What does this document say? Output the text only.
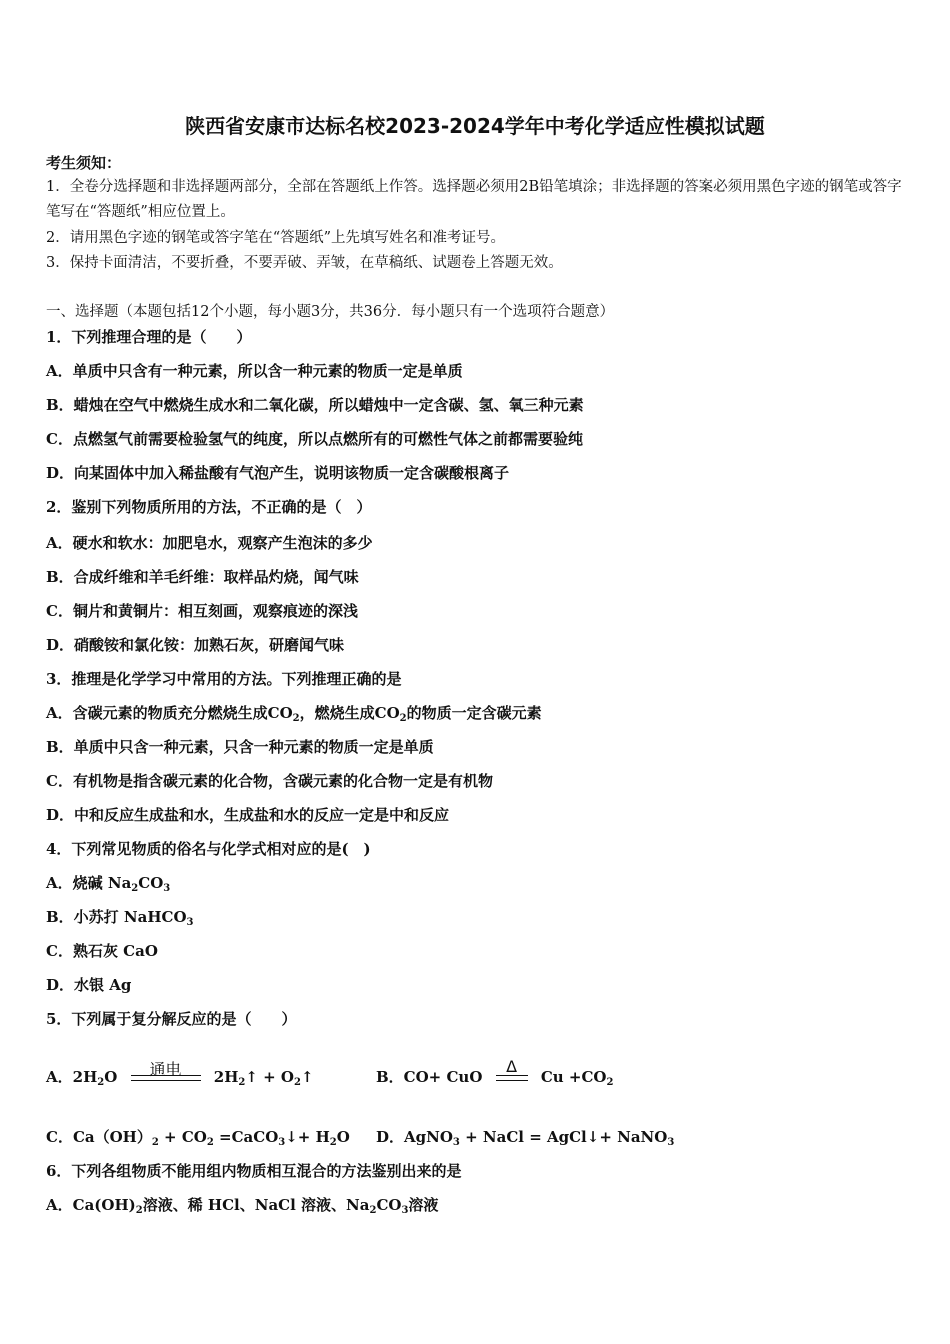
陕西省安康市达标名校2023-2024学年中考化学适应性模拟试题
考生须知：
1．全卷分选择题和非选择题两部分，全部在答题纸上作答。选择题必须用2B铅笔填涂；非选择题的答案必须用黑色字迹的钢笔或答字笔写在“答题纸”相应位置上。
2．请用黑色字迹的钢笔或答字笔在“答题纸”上先填写姓名和准考证号。
3．保持卡面清洁，不要折叠，不要弄破、弄皱，在草稿纸、试题卷上答题无效。
一、选择题（本题包括12个小题，每小题3分，共36分．每小题只有一个选项符合题意）
1．下列推理合理的是（　　）
A．单质中只含有一种元素，所以含一种元素的物质一定是单质
B．蜡烛在空气中燃烧生成水和二氧化碳，所以蜡烛中一定含碳、氢、氧三种元素
C．点燃氢气前需要检验氢气的纯度，所以点燃所有的可燃性气体之前都需要验纯
D．向某固体中加入稀盐酸有气泡产生，说明该物质一定含碳酸根离子
2．鉴别下列物质所用的方法，不正确的是（　）
A．硬水和软水：加肥皂水，观察产生泡沫的多少
B．合成纤维和羊毛纤维：取样品灼烧，闻气味
C．铜片和黄铜片：相互刻画，观察痕迹的深浅
D．硝酸铵和氯化铵：加熟石灰，研磨闻气味
3．推理是化学学习中常用的方法。下列推理正确的是
A．含碳元素的物质充分燃烧生成$CO_2$，燃烧生成$CO_2$的物质一定含碳元素
B．单质中只含一种元素，只含一种元素的物质一定是单质
C．有机物是指含碳元素的化合物，含碳元素的化合物一定是有机物
D．中和反应生成盐和水，生成盐和水的反应一定是中和反应
4．下列常见物质的俗名与化学式相对应的是(　)
A．烧碱 $Na_2CO_3$
B．小苏打 NaHCO$_3$
C．熟石灰 CaO
D．水银 Ag
5．下列属于复分解反应的是（　　）
A．$2H_2O$	通电	$2H_2↑$ + $O_2↑$	B．CO+ CuO
Δ
$Cu +CO_2$
C．$Ca(OH)_2 + CO_2$ =CaCO$_3$↓+ $H_2O$ D．AgNO$_3$ + NaCl = AgCl↓+ NaNO$_3$
6．下列各组物质不能用组内物质相互混合的方法鉴别出来的是
A．$Ca(OH)_2$溶液、稀 HCl、NaCl 溶液、$Na_2CO_3$溶液
